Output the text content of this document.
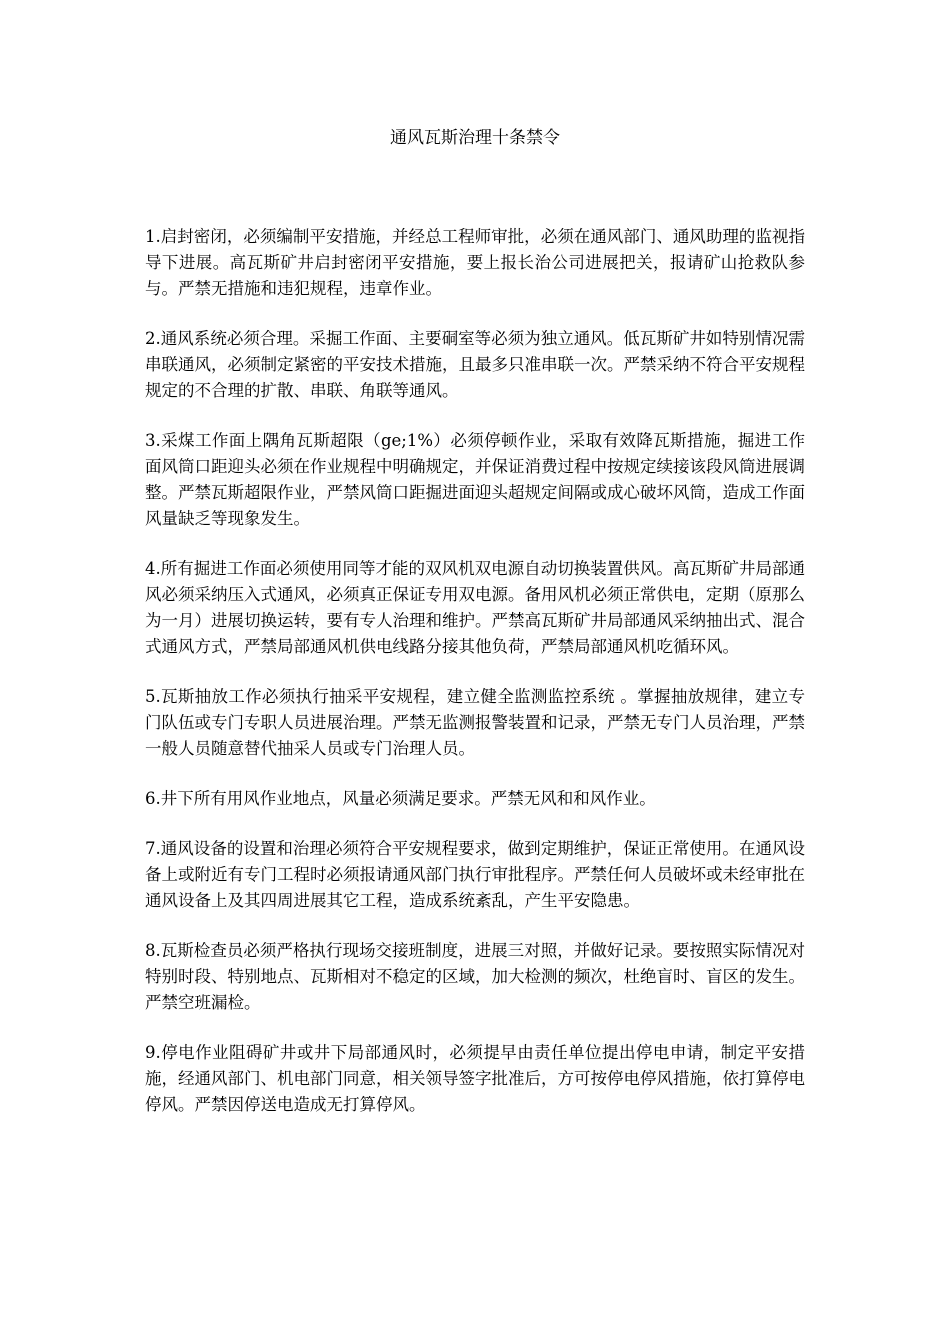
通风瓦斯治理十条禁令

1.启封密闭，必须编制平安措施，并经总工程师审批，必须在通风部门、通风助理的监视指导下进展。高瓦斯矿井启封密闭平安措施，要上报长治公司进展把关，报请矿山抢救队参与。严禁无措施和违犯规程，违章作业。

2.通风系统必须合理。采掘工作面、主要硐室等必须为独立通风。低瓦斯矿井如特别情况需串联通风，必须制定紧密的平安技术措施，且最多只准串联一次。严禁采纳不符合平安规程规定的不合理的扩散、串联、角联等通风。

3.采煤工作面上隅角瓦斯超限（ge;1%）必须停顿作业，采取有效降瓦斯措施，掘进工作面风筒口距迎头必须在作业规程中明确规定，并保证消费过程中按规定续接该段风筒进展调整。严禁瓦斯超限作业，严禁风筒口距掘进面迎头超规定间隔或成心破坏风筒，造成工作面风量缺乏等现象发生。

4.所有掘进工作面必须使用同等才能的双风机双电源自动切换装置供风。高瓦斯矿井局部通风必须采纳压入式通风，必须真正保证专用双电源。备用风机必须正常供电，定期（原那么为一月）进展切换运转，要有专人治理和维护。严禁高瓦斯矿井局部通风采纳抽出式、混合式通风方式，严禁局部通风机供电线路分接其他负荷，严禁局部通风机吃循环风。

5.瓦斯抽放工作必须执行抽采平安规程，建立健全监测监控系统 。掌握抽放规律，建立专门队伍或专门专职人员进展治理。严禁无监测报警装置和记录，严禁无专门人员治理，严禁一般人员随意替代抽采人员或专门治理人员。

6.井下所有用风作业地点，风量必须满足要求。严禁无风和和风作业。

7.通风设备的设置和治理必须符合平安规程要求，做到定期维护，保证正常使用。在通风设备上或附近有专门工程时必须报请通风部门执行审批程序。严禁任何人员破坏或未经审批在通风设备上及其四周进展其它工程，造成系统紊乱，产生平安隐患。

8.瓦斯检查员必须严格执行现场交接班制度，进展三对照，并做好记录。要按照实际情况对特别时段、特别地点、瓦斯相对不稳定的区域，加大检测的频次，杜绝盲时、盲区的发生。严禁空班漏检。

9.停电作业阻碍矿井或井下局部通风时，必须提早由责任单位提出停电申请，制定平安措施，经通风部门、机电部门同意，相关领导签字批准后，方可按停电停风措施，依打算停电停风。严禁因停送电造成无打算停风。
